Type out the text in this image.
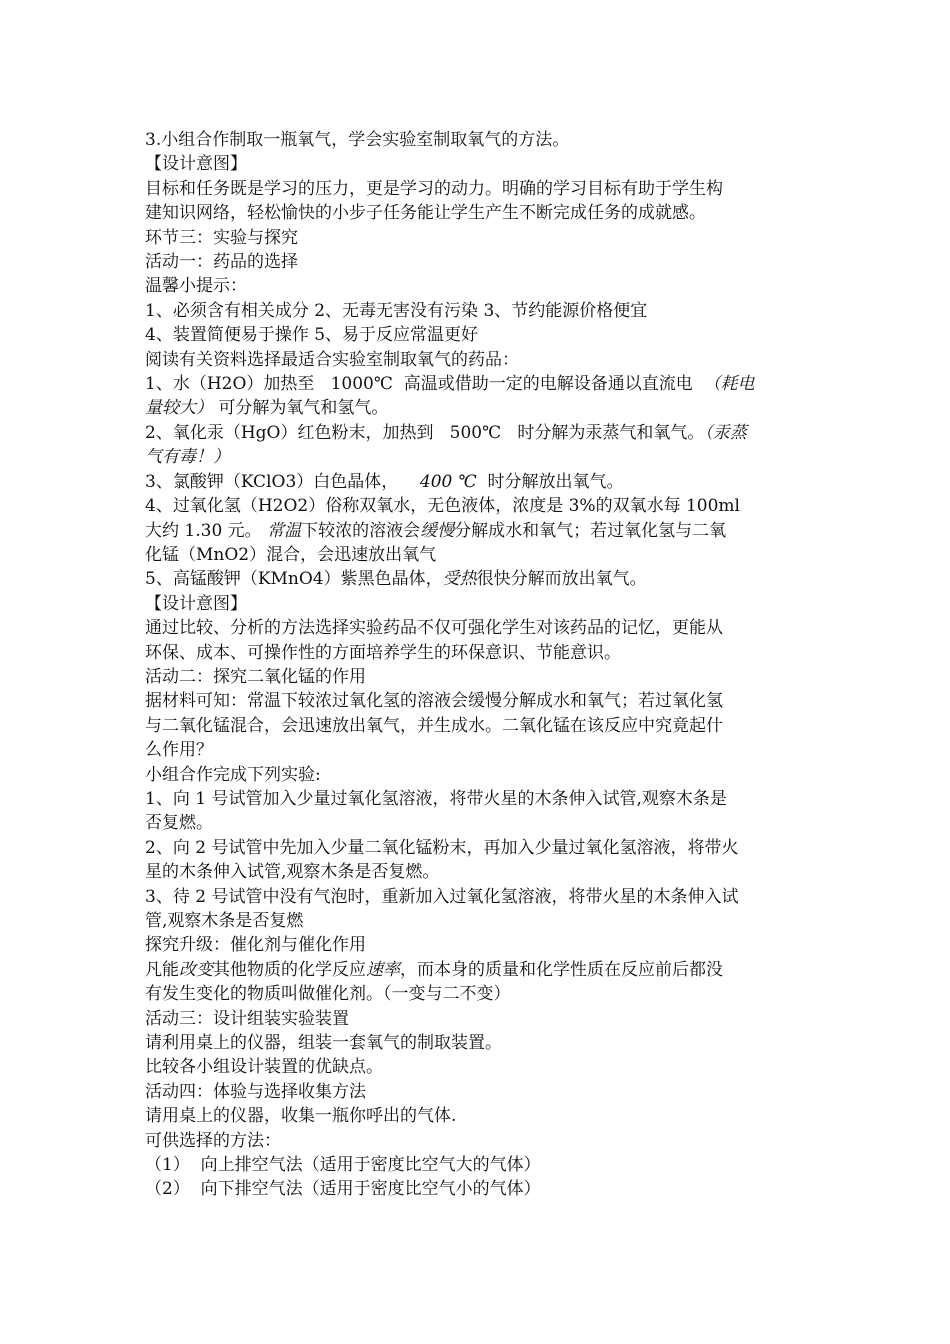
3.小组合作制取一瓶氧气，学会实验室制取氧气的方法。

【设计意图】

目标和任务既是学习的压力，更是学习的动力。明确的学习目标有助于学生构

建知识网络，轻松愉快的小步子任务能让学生产生不断完成任务的成就感。

环节三：实验与探究

活动一：药品的选择

温馨小提示：

1、必须含有相关成分 2、无毒无害没有污染 3、节约能源价格便宜

4、装置简便易于操作 5、易于反应常温更好

阅读有关资料选择最适合实验室制取氧气的药品：

1、水（H2O）加热至   1000℃  高温或借助一定的电解设备通以直流电  （耗电

量较大） 可分解为氧气和氢气。

2、氧化汞（HgO）红色粉末，加热到   500℃   时分解为汞蒸气和氧气。（汞蒸

气有毒！）

3、氯酸钾（KClO3）白色晶体，    400 ℃  时分解放出氧气。

4、过氧化氢（H2O2）俗称双氧水，无色液体，浓度是 3%的双氧水每 100ml

大约 1.30 元。 常温下较浓的溶液会缓慢分解成水和氧气；若过氧化氢与二氧

化锰（MnO2）混合，会迅速放出氧气

5、高锰酸钾（KMnO4）紫黑色晶体，受热很快分解而放出氧气。

【设计意图】

通过比较、分析的方法选择实验药品不仅可强化学生对该药品的记忆，更能从

环保、成本、可操作性的方面培养学生的环保意识、节能意识。

活动二：探究二氧化锰的作用

据材料可知：常温下较浓过氧化氢的溶液会缓慢分解成水和氧气；若过氧化氢

与二氧化锰混合，会迅速放出氧气，并生成水。二氧化锰在该反应中究竟起什

么作用？

小组合作完成下列实验:

1、向 1 号试管加入少量过氧化氢溶液，将带火星的木条伸入试管,观察木条是

否复燃。

2、向 2 号试管中先加入少量二氧化锰粉末，再加入少量过氧化氢溶液，将带火

星的木条伸入试管,观察木条是否复燃。

3、待 2 号试管中没有气泡时，重新加入过氧化氢溶液，将带火星的木条伸入试

管,观察木条是否复燃

探究升级：催化剂与催化作用

凡能改变其他物质的化学反应速率，而本身的质量和化学性质在反应前后都没

有发生变化的物质叫做催化剂。（一变与二不变）

活动三：设计组装实验装置

请利用桌上的仪器，组装一套氧气的制取装置。

比较各小组设计装置的优缺点。

活动四：体验与选择收集方法

请用桌上的仪器，收集一瓶你呼出的气体.

可供选择的方法：

（1）  向上排空气法（适用于密度比空气大的气体）

（2）  向下排空气法（适用于密度比空气小的气体）
